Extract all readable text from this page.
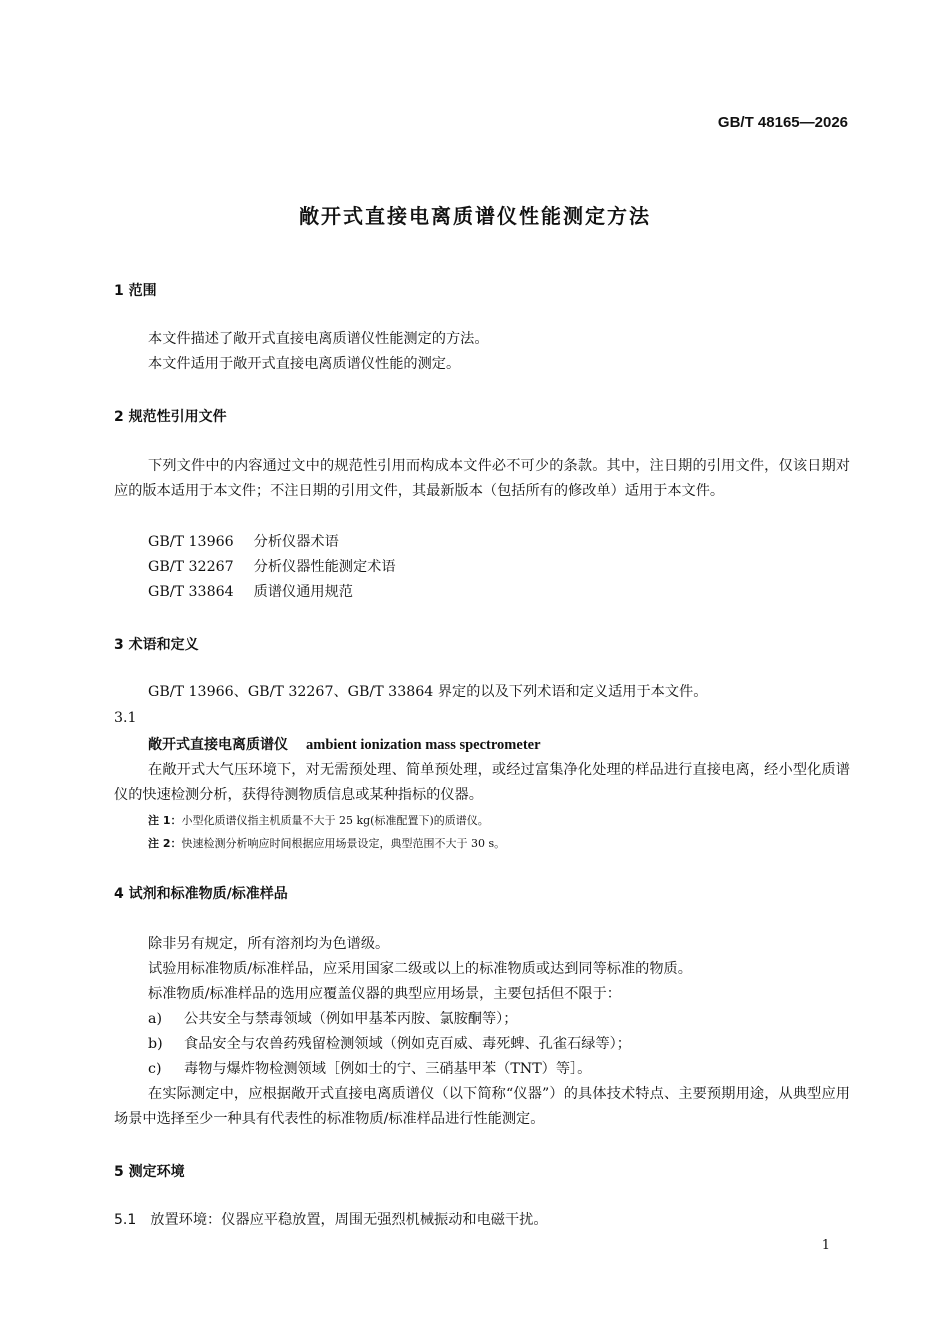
GB/T 48165—2026
敞开式直接电离质谱仪性能测定方法
1 范围
本文件描述了敞开式直接电离质谱仪性能测定的方法。
本文件适用于敞开式直接电离质谱仪性能的测定。
2 规范性引用文件
下列文件中的内容通过文中的规范性引用而构成本文件必不可少的条款。其中，注日期的引用文件，仅该日期对应的版本适用于本文件；不注日期的引用文件，其最新版本（包括所有的修改单）适用于本文件。
GB/T 13966 分析仪器术语
GB/T 32267 分析仪器性能测定术语
GB/T 33864 质谱仪通用规范
3 术语和定义
GB/T 13966、GB/T 32267、GB/T 33864 界定的以及下列术语和定义适用于本文件。
3.1
敞开式直接电离质谱仪 ambient ionization mass spectrometer
在敞开式大气压环境下，对无需预处理、简单预处理，或经过富集净化处理的样品进行直接电离，经小型化质谱仪的快速检测分析，获得待测物质信息或某种指标的仪器。
注 1：小型化质谱仪指主机质量不大于 25 kg(标准配置下)的质谱仪。
注 2：快速检测分析响应时间根据应用场景设定，典型范围不大于 30 s。
4 试剂和标准物质/标准样品
除非另有规定，所有溶剂均为色谱级。
试验用标准物质/标准样品，应采用国家二级或以上的标准物质或达到同等标准的物质。
标准物质/标准样品的选用应覆盖仪器的典型应用场景，主要包括但不限于：
a) 公共安全与禁毒领域（例如甲基苯丙胺、氯胺酮等）；
b) 食品安全与农兽药残留检测领域（例如克百威、毒死蜱、孔雀石绿等）；
c) 毒物与爆炸物检测领域［例如士的宁、三硝基甲苯（TNT）等］。
在实际测定中，应根据敞开式直接电离质谱仪（以下简称“仪器”）的具体技术特点、主要预期用途，从典型应用场景中选择至少一种具有代表性的标准物质/标准样品进行性能测定。
5 测定环境
5.1 放置环境：仪器应平稳放置，周围无强烈机械振动和电磁干扰。
1
